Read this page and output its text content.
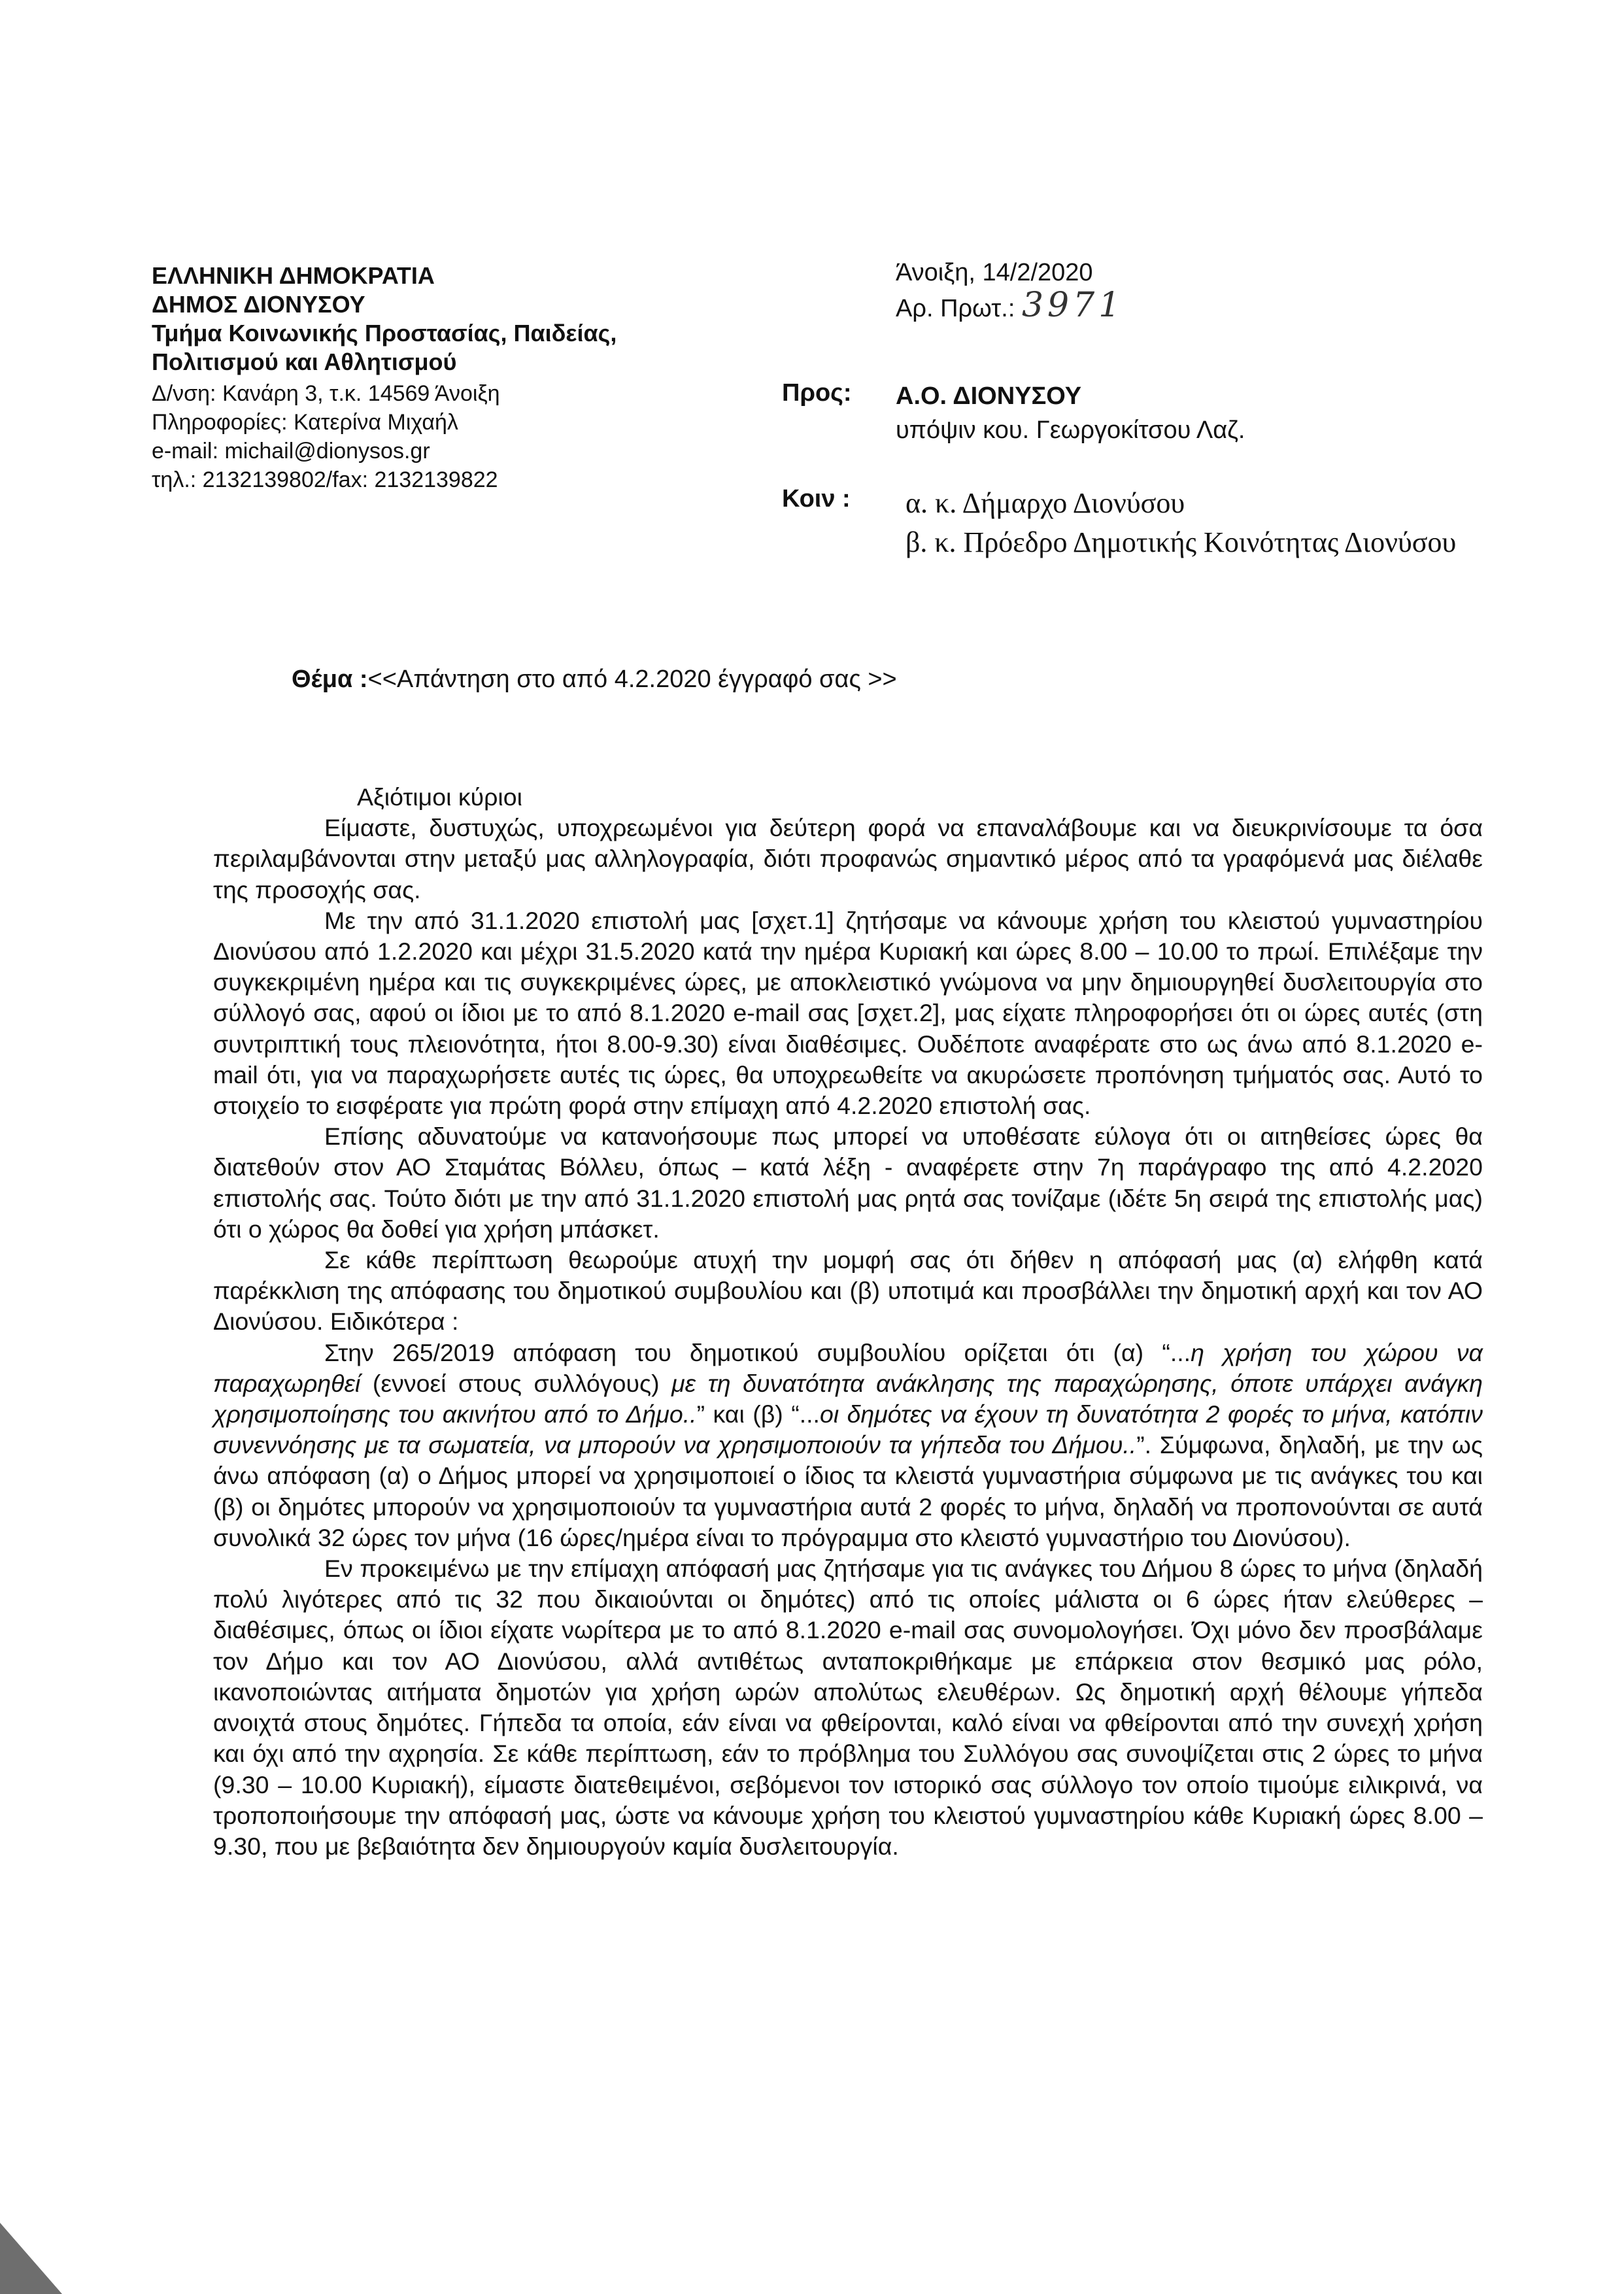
ΕΛΛΗΝΙΚΗ ΔΗΜΟΚΡΑΤΙΑ
ΔΗΜΟΣ ΔΙΟΝΥΣΟΥ
Τμήμα Κοινωνικής Προστασίας, Παιδείας,
Πολιτισμού και Αθλητισμού
Δ/νση: Κανάρη 3, τ.κ. 14569 Άνοιξη
Πληροφορίες: Κατερίνα Μιχαήλ
e-mail: michail@dionysos.gr
τηλ.: 2132139802/fax: 2132139822
Άνοιξη, 14/2/2020
Αρ. Πρωτ.: 3971
Προς: Α.Ο. ΔΙΟΝΥΣΟΥ
υπόψιν κου. Γεωργοκίτσου Λαζ.
Κοιν : α. κ. Δήμαρχο Διονύσου
β. κ. Πρόεδρο Δημοτικής Κοινότητας Διονύσου
Θέμα :<<Απάντηση στο από 4.2.2020 έγγραφό σας >>

Αξιότιμοι κύριοι

Είμαστε, δυστυχώς, υποχρεωμένοι για δεύτερη φορά να επαναλάβουμε και να διευκρινίσουμε τα όσα περιλαμβάνονται στην μεταξύ μας αλληλογραφία, διότι προφανώς σημαντικό μέρος από τα γραφόμενά μας διέλαθε της προσοχής σας.

Με την από 31.1.2020 επιστολή μας [σχετ.1] ζητήσαμε να κάνουμε χρήση του κλειστού γυμναστηρίου Διονύσου από 1.2.2020 και μέχρι 31.5.2020 κατά την ημέρα Κυριακή και ώρες 8.00 – 10.00 το πρωί. Επιλέξαμε την συγκεκριμένη ημέρα και τις συγκεκριμένες ώρες, με αποκλειστικό γνώμονα να μην δημιουργηθεί δυσλειτουργία στο σύλλογό σας, αφού οι ίδιοι με το από 8.1.2020 e-mail σας [σχετ.2], μας είχατε πληροφορήσει ότι οι ώρες αυτές (στη συντριπτική τους πλειονότητα, ήτοι 8.00-9.30) είναι διαθέσιμες. Ουδέποτε αναφέρατε στο ως άνω από 8.1.2020 e-mail ότι, για να παραχωρήσετε αυτές τις ώρες, θα υποχρεωθείτε να ακυρώσετε προπόνηση τμήματός σας. Αυτό το στοιχείο το εισφέρατε για πρώτη φορά στην επίμαχη από 4.2.2020 επιστολή σας.

Επίσης αδυνατούμε να κατανοήσουμε πως μπορεί να υποθέσατε εύλογα ότι οι αιτηθείσες ώρες θα διατεθούν στον ΑΟ Σταμάτας Βόλλευ, όπως – κατά λέξη - αναφέρετε στην 7η παράγραφο της από 4.2.2020 επιστολής σας. Τούτο διότι με την από 31.1.2020 επιστολή μας ρητά σας τονίζαμε (ιδέτε 5η σειρά της επιστολής μας) ότι ο χώρος θα δοθεί για χρήση μπάσκετ.

Σε κάθε περίπτωση θεωρούμε ατυχή την μομφή σας ότι δήθεν η απόφασή μας (α) ελήφθη κατά παρέκκλιση της απόφασης του δημοτικού συμβουλίου και (β) υποτιμά και προσβάλλει την δημοτική αρχή και τον ΑΟ Διονύσου. Ειδικότερα :

Στην 265/2019 απόφαση του δημοτικού συμβουλίου ορίζεται ότι (α) “...η χρήση του χώρου να παραχωρηθεί (εννοεί στους συλλόγους) με τη δυνατότητα ανάκλησης της παραχώρησης, όποτε υπάρχει ανάγκη χρησιμοποίησης του ακινήτου από το Δήμο..” και (β) “...οι δημότες να έχουν τη δυνατότητα 2 φορές το μήνα, κατόπιν συνεννόησης με τα σωματεία, να μπορούν να χρησιμοποιούν τα γήπεδα του Δήμου..”. Σύμφωνα, δηλαδή, με την ως άνω απόφαση (α) ο Δήμος μπορεί να χρησιμοποιεί ο ίδιος τα κλειστά γυμναστήρια σύμφωνα με τις ανάγκες του και (β) οι δημότες μπορούν να χρησιμοποιούν τα γυμναστήρια αυτά 2 φορές το μήνα, δηλαδή να προπονούνται σε αυτά συνολικά 32 ώρες τον μήνα (16 ώρες/ημέρα είναι το πρόγραμμα στο κλειστό γυμναστήριο του Διονύσου).

Εν προκειμένω με την επίμαχη απόφασή μας ζητήσαμε για τις ανάγκες του Δήμου 8 ώρες το μήνα (δηλαδή πολύ λιγότερες από τις 32 που δικαιούνται οι δημότες) από τις οποίες μάλιστα οι 6 ώρες ήταν ελεύθερες – διαθέσιμες, όπως οι ίδιοι είχατε νωρίτερα με το από 8.1.2020 e-mail σας συνομολογήσει. Όχι μόνο δεν προσβάλαμε τον Δήμο και τον ΑΟ Διονύσου, αλλά αντιθέτως ανταποκριθήκαμε με επάρκεια στον θεσμικό μας ρόλο, ικανοποιώντας αιτήματα δημοτών για χρήση ωρών απολύτως ελευθέρων. Ως δημοτική αρχή θέλουμε γήπεδα ανοιχτά στους δημότες. Γήπεδα τα οποία, εάν είναι να φθείρονται, καλό είναι να φθείρονται από την συνεχή χρήση και όχι από την αχρησία. Σε κάθε περίπτωση, εάν το πρόβλημα του Συλλόγου σας συνοψίζεται στις 2 ώρες το μήνα (9.30 – 10.00 Κυριακή), είμαστε διατεθειμένοι, σεβόμενοι τον ιστορικό σας σύλλογο τον οποίο τιμούμε ειλικρινά, να τροποποιήσουμε την απόφασή μας, ώστε να κάνουμε χρήση του κλειστού γυμναστηρίου κάθε Κυριακή ώρες 8.00 – 9.30, που με βεβαιότητα δεν δημιουργούν καμία δυσλειτουργία.
